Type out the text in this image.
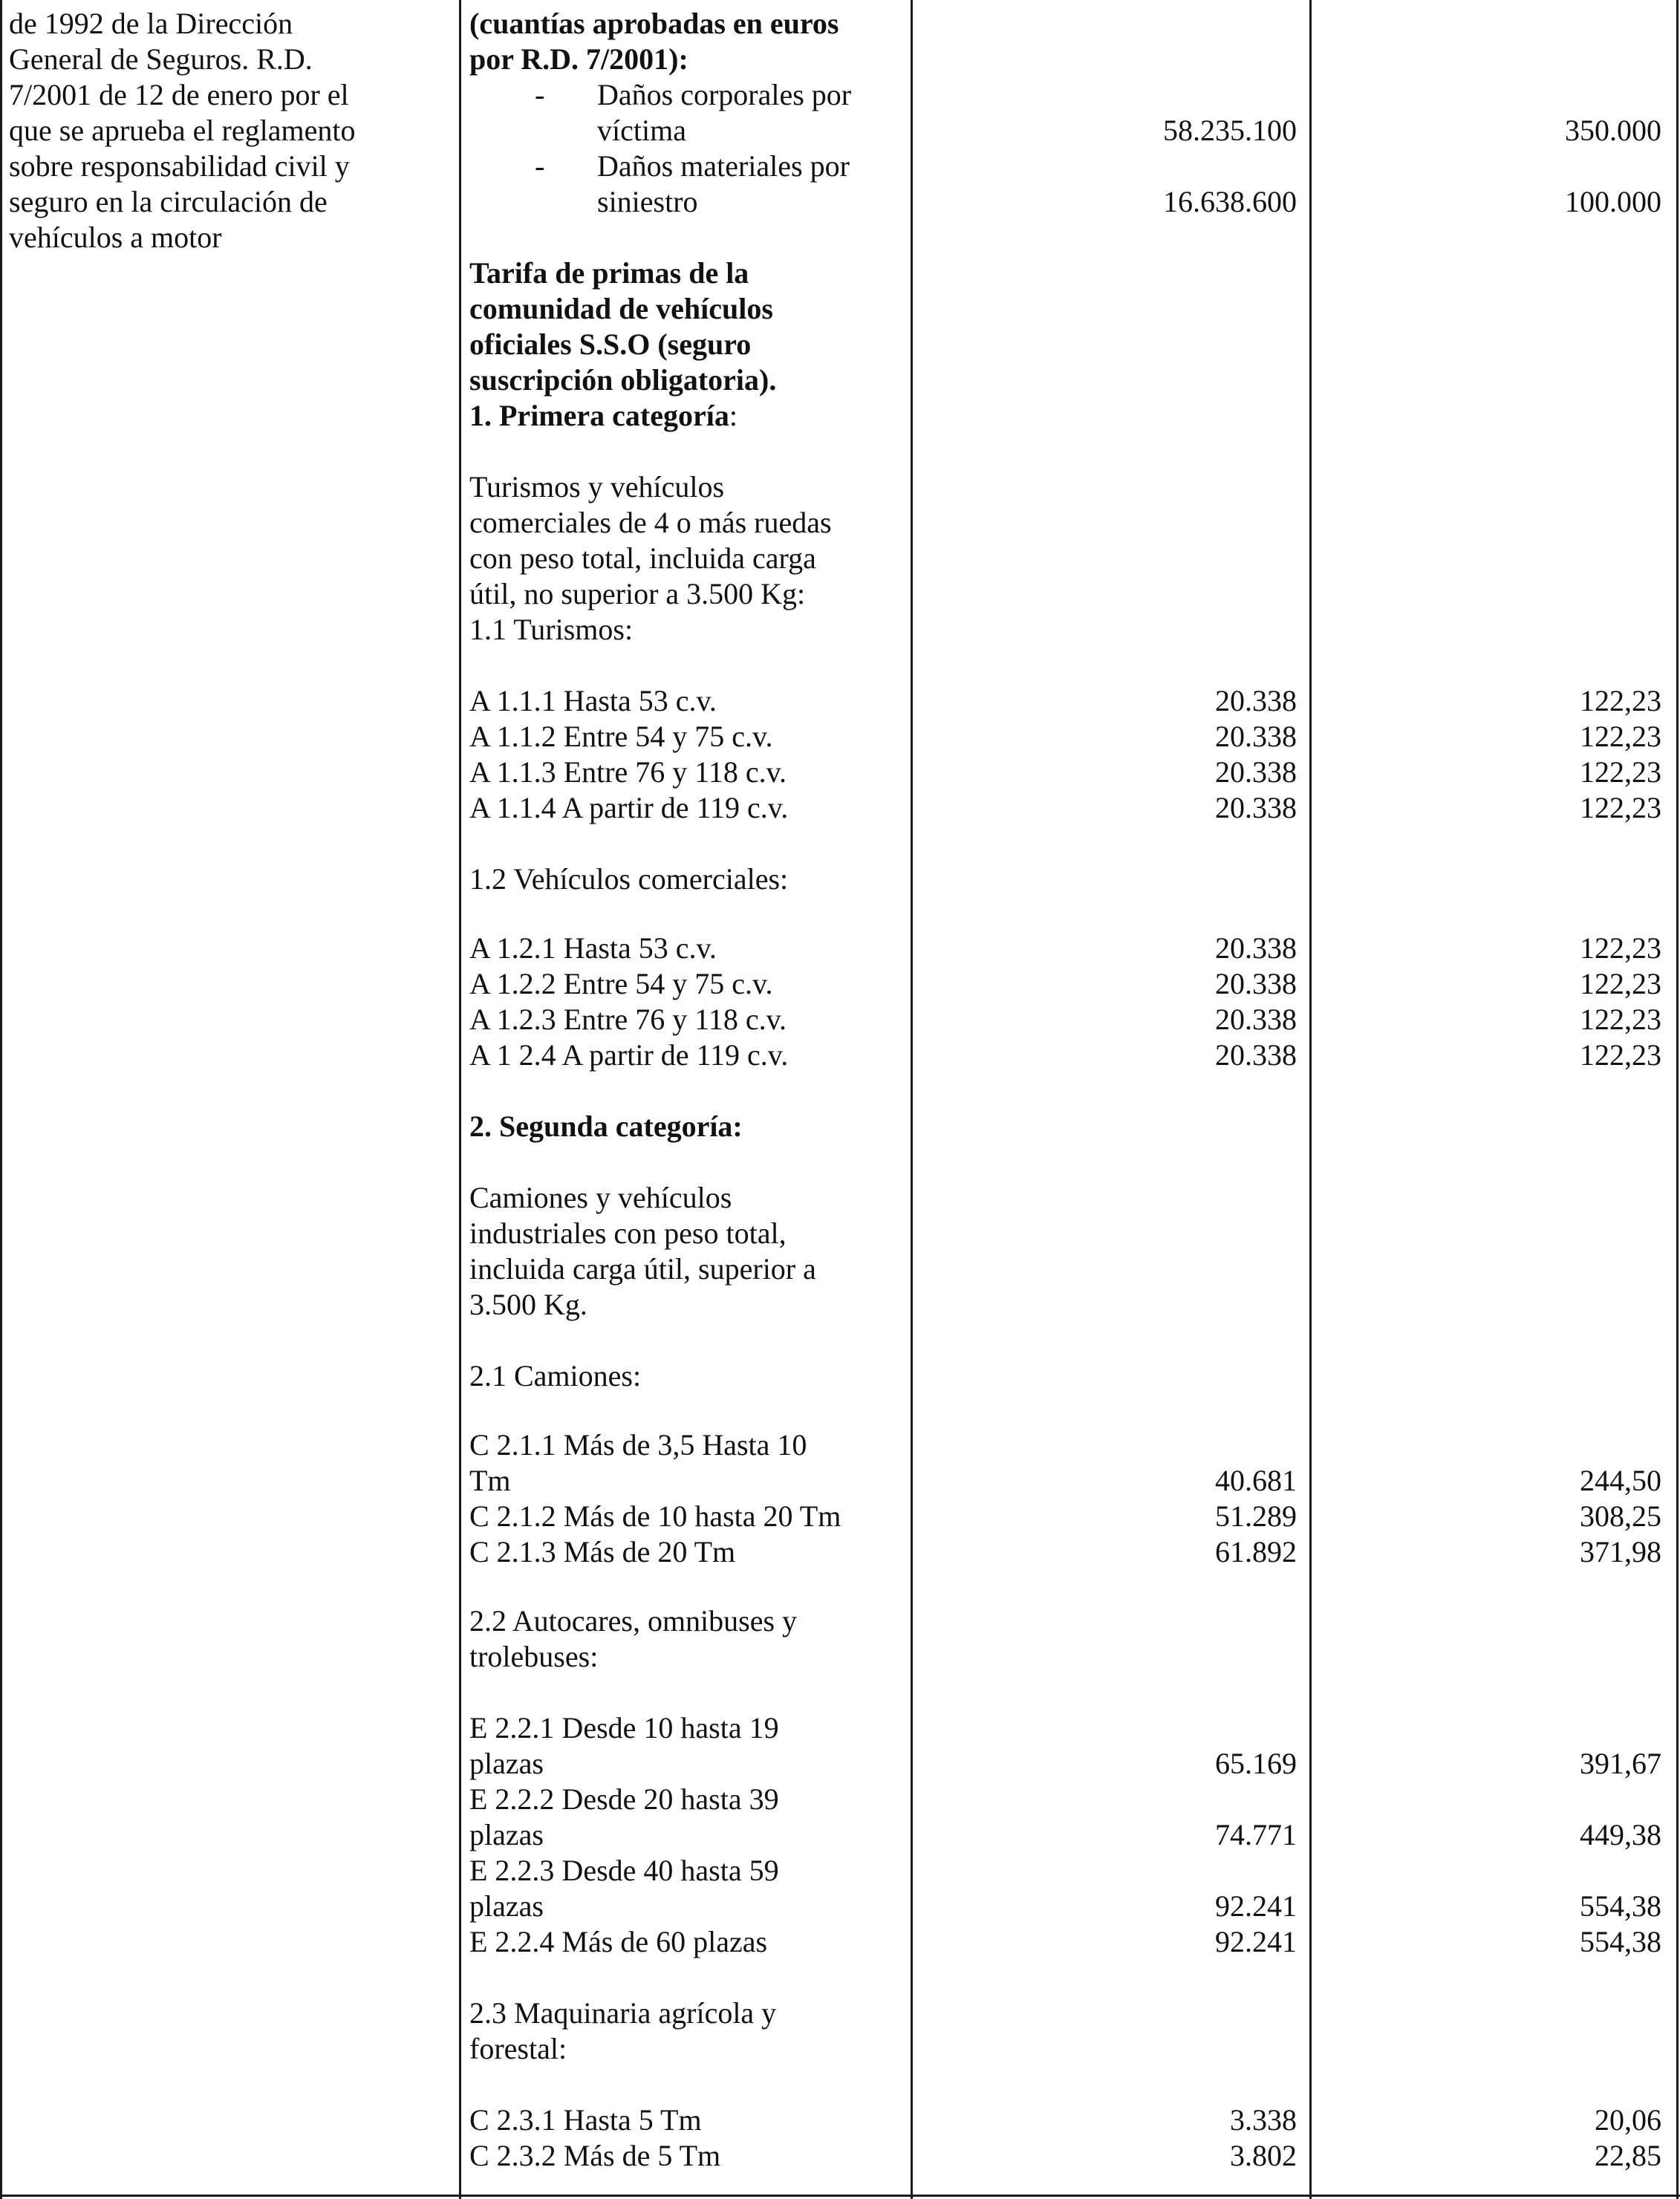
de 1992 de la Dirección
General de Seguros. R.D.
7/2001 de 12 de enero por el
que se aprueba el reglamento
sobre responsabilidad civil y
seguro en la circulación de
vehículos a motor
(cuantías aprobadas en euros
por R.D. 7/2001):
- Daños corporales por
víctima
- Daños materiales por
siniestro
Tarifa de primas de la
comunidad de vehículos
oficiales S.S.O (seguro
suscripción obligatoria).
1. Primera categoría:
Turismos y vehículos
comerciales de 4 o más ruedas
con peso total, incluida carga
útil, no superior a 3.500 Kg:
1.1 Turismos:
A 1.1.1 Hasta 53 c.v.
A 1.1.2 Entre 54 y 75 c.v.
A 1.1.3 Entre 76 y 118 c.v.
A 1.1.4 A partir de 119 c.v.
1.2 Vehículos comerciales:
A 1.2.1 Hasta 53 c.v.
A 1.2.2 Entre 54 y 75 c.v.
A 1.2.3 Entre 76 y 118 c.v.
A 1 2.4 A partir de 119 c.v.
2. Segunda categoría:
Camiones y vehículos
industriales con peso total,
incluida carga útil, superior a
3.500 Kg.
2.1 Camiones:
C 2.1.1 Más de 3,5 Hasta 10
Tm
C 2.1.2 Más de 10 hasta 20 Tm
C 2.1.3 Más de 20 Tm
2.2 Autocares, omnibuses y
trolebuses:
E 2.2.1 Desde 10 hasta 19
plazas
E 2.2.2 Desde 20 hasta 39
plazas
E 2.2.3 Desde 40 hasta 59
plazas
E 2.2.4 Más de 60 plazas
2.3 Maquinaria agrícola y
forestal:
C 2.3.1 Hasta 5 Tm
C 2.3.2 Más de 5 Tm
58.235.100
16.638.600
20.338
20.338
20.338
20.338
20.338
20.338
20.338
20.338
40.681
51.289
61.892
65.169
74.771
92.241
92.241
3.338
3.802
350.000
100.000
122,23
122,23
122,23
122,23
122,23
122,23
122,23
122,23
244,50
308,25
371,98
391,67
449,38
554,38
554,38
20,06
22,85
